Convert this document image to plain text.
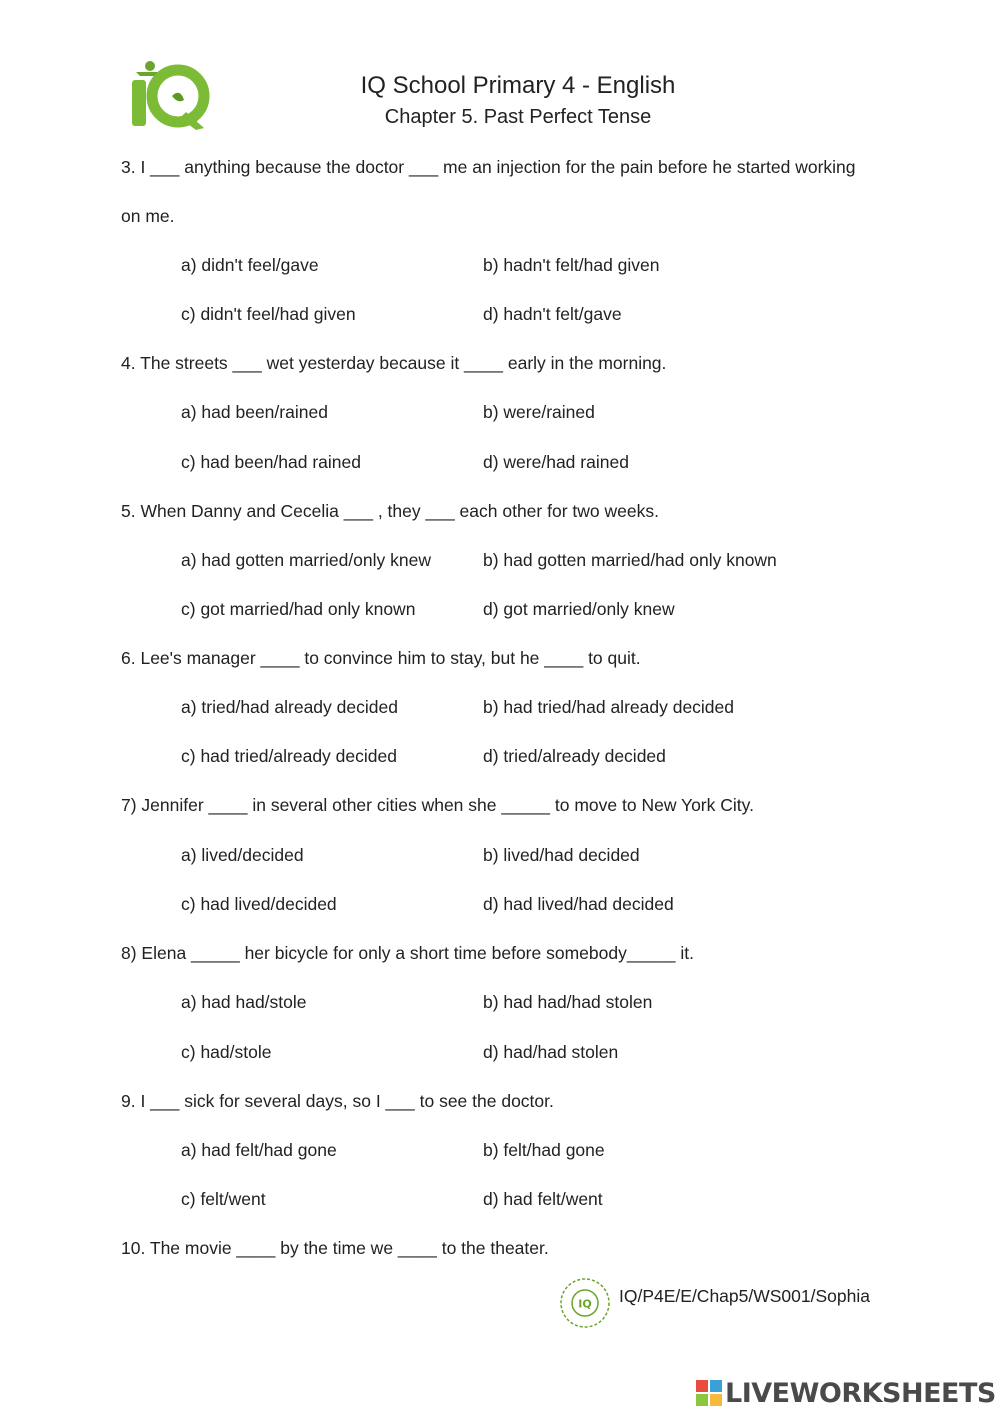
IQ School Primary 4 - English
Chapter 5. Past Perfect Tense
3. I ___ anything because the doctor ___ me an injection for the pain before he started working
on me.
a) didn't feel/gave	b) hadn't felt/had given
c) didn't feel/had given	d) hadn't felt/gave
4. The streets ___ wet yesterday because it ____ early in the morning.
a) had been/rained	b) were/rained
c) had been/had rained	d) were/had rained
5. When Danny and Cecelia ___ , they ___ each other for two weeks.
a) had gotten married/only knew	b) had gotten married/had only known
c) got married/had only known	d) got married/only knew
6. Lee's manager ____ to convince him to stay, but he ____ to quit.
a) tried/had already decided	b) had tried/had already decided
c) had tried/already decided	d) tried/already decided
7) Jennifer ____ in several other cities when she _____ to move to New York City.
a) lived/decided	b) lived/had decided
c) had lived/decided	d) had lived/had decided
8) Elena _____ her bicycle for only a short time before somebody_____ it.
a) had had/stole	b) had had/had stolen
c) had/stole	d) had/had stolen
9. I ___ sick for several days, so I ___ to see the doctor.
a) had felt/had gone	b) felt/had gone
c) felt/went	d) had felt/went
10. The movie ____ by the time we ____ to the theater.
IQ IQ/P4E/E/Chap5/WS001/Sophia
LIVEWORKSHEETS
